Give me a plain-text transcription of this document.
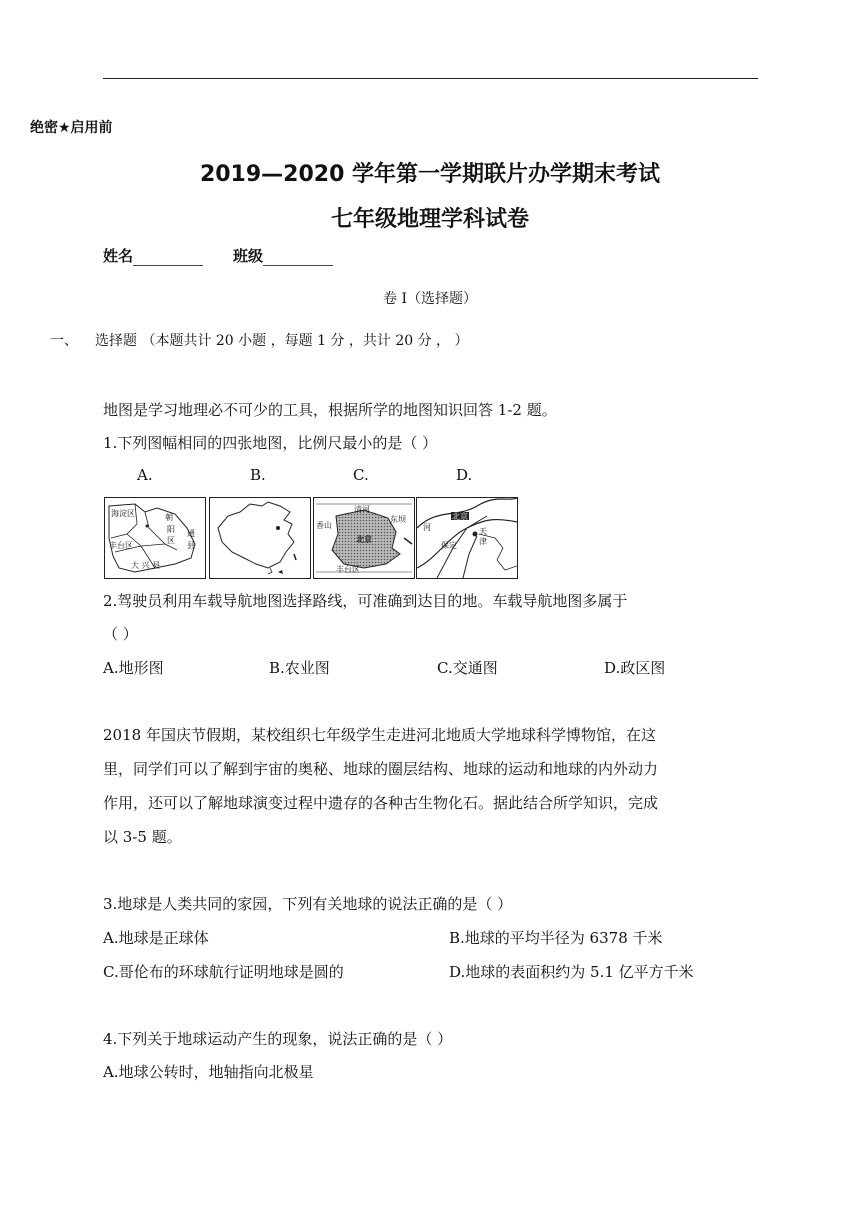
绝密★启用前
2019—2020 学年第一学期联片办学期末考试
七年级地理学科试卷
姓名	班级
卷 I（选择题）
一、 选择题 （本题共计 20 小题 ，每题 1 分 ，共计 20 分 ， ）
地图是学习地理必不可少的工具，根据所学的地图知识回答 1-2 题。
1.下列图幅相同的四张地图，比例尺最小的是（ ）
A.	B.	C.	D.
海淀区	朝
阳
区
通
县
丰台区
大 兴 县
清河
香山
北京
东坝
丰台区
北京
天
津
保定
河
2.驾驶员利用车载导航地图选择路线，可准确到达目的地。车载导航地图多属于
（ ）
A.地形图	B.农业图	C.交通图	D.政区图
2018 年国庆节假期，某校组织七年级学生走进河北地质大学地球科学博物馆，在这
里，同学们可以了解到宇宙的奥秘、地球的圈层结构、地球的运动和地球的内外动力
作用，还可以了解地球演变过程中遗存的各种古生物化石。据此结合所学知识，完成
以 3-5 题。
3.地球是人类共同的家园，下列有关地球的说法正确的是（ ）
A.地球是正球体	B.地球的平均半径为 6378 千米
C.哥伦布的环球航行证明地球是圆的	D.地球的表面积约为 5.1 亿平方千米
4.下列关于地球运动产生的现象，说法正确的是（ ）
A.地球公转时，地轴指向北极星
